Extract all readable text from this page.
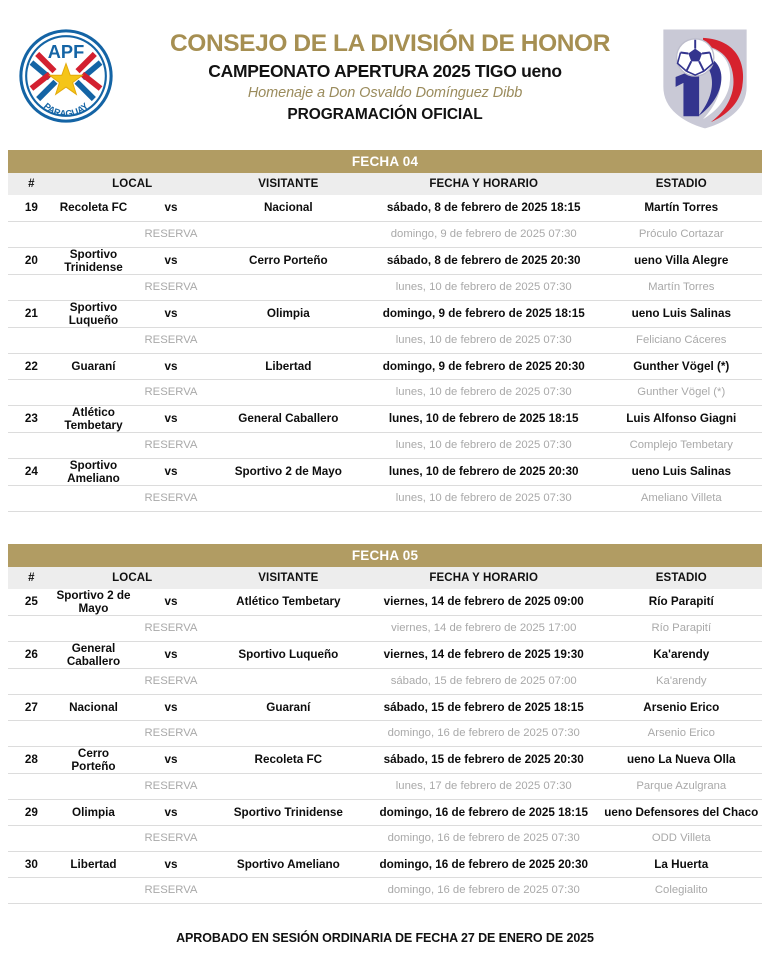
APF
PARAGUAY
CONSEJO DE LA DIVISIÓN DE HONOR
CAMPEONATO APERTURA 2025 TIGO ueno
Homenaje a Don Osvaldo Domínguez Dibb
PROGRAMACIÓN OFICIAL
FECHA 04
#	LOCAL		VISITANTE	FECHA Y HORARIO	ESTADIO
19	Recoleta FC	vs	Nacional	sábado, 8 de febrero de 2025 18:15	Martín Torres
		RESERVA		domingo, 9 de febrero de 2025 07:30	Próculo Cortazar
20	Sportivo Trinidense	vs	Cerro Porteño	sábado, 8 de febrero de 2025 20:30	ueno Villa Alegre
		RESERVA		lunes, 10 de febrero de 2025 07:30	Martín Torres
21	Sportivo Luqueño	vs	Olimpia	domingo, 9 de febrero de 2025 18:15	ueno Luis Salinas
		RESERVA		lunes, 10 de febrero de 2025 07:30	Feliciano Cáceres
22	Guaraní	vs	Libertad	domingo, 9 de febrero de 2025 20:30	Gunther Vögel (*)
		RESERVA		lunes, 10 de febrero de 2025 07:30	Gunther Vögel (*)
23	Atlético Tembetary	vs	General Caballero	lunes, 10 de febrero de 2025 18:15	Luis Alfonso Giagni
		RESERVA		lunes, 10 de febrero de 2025 07:30	Complejo Tembetary
24	Sportivo Ameliano	vs	Sportivo 2 de Mayo	lunes, 10 de febrero de 2025 20:30	ueno Luis Salinas
		RESERVA		lunes, 10 de febrero de 2025 07:30	Ameliano Villeta
FECHA 05
#	LOCAL		VISITANTE	FECHA Y HORARIO	ESTADIO
25	Sportivo 2 de Mayo	vs	Atlético Tembetary	viernes, 14 de febrero de 2025 09:00	Río Parapití
		RESERVA		viernes, 14 de febrero de 2025 17:00	Río Parapití
26	General Caballero	vs	Sportivo Luqueño	viernes, 14 de febrero de 2025 19:30	Ka'arendy
		RESERVA		sábado, 15 de febrero de 2025 07:00	Ka'arendy
27	Nacional	vs	Guaraní	sábado, 15 de febrero de 2025 18:15	Arsenio Erico
		RESERVA		domingo, 16 de febrero de 2025 07:30	Arsenio Erico
28	Cerro Porteño	vs	Recoleta FC	sábado, 15 de febrero de 2025 20:30	ueno La Nueva Olla
		RESERVA		lunes, 17 de febrero de 2025 07:30	Parque Azulgrana
29	Olimpia	vs	Sportivo Trinidense	domingo, 16 de febrero de 2025 18:15	ueno Defensores del Chaco
		RESERVA		domingo, 16 de febrero de 2025 07:30	ODD Villeta
30	Libertad	vs	Sportivo Ameliano	domingo, 16 de febrero de 2025 20:30	La Huerta
		RESERVA		domingo, 16 de febrero de 2025 07:30	Colegialito
APROBADO EN SESIÓN ORDINARIA DE FECHA 27 DE ENERO DE 2025
